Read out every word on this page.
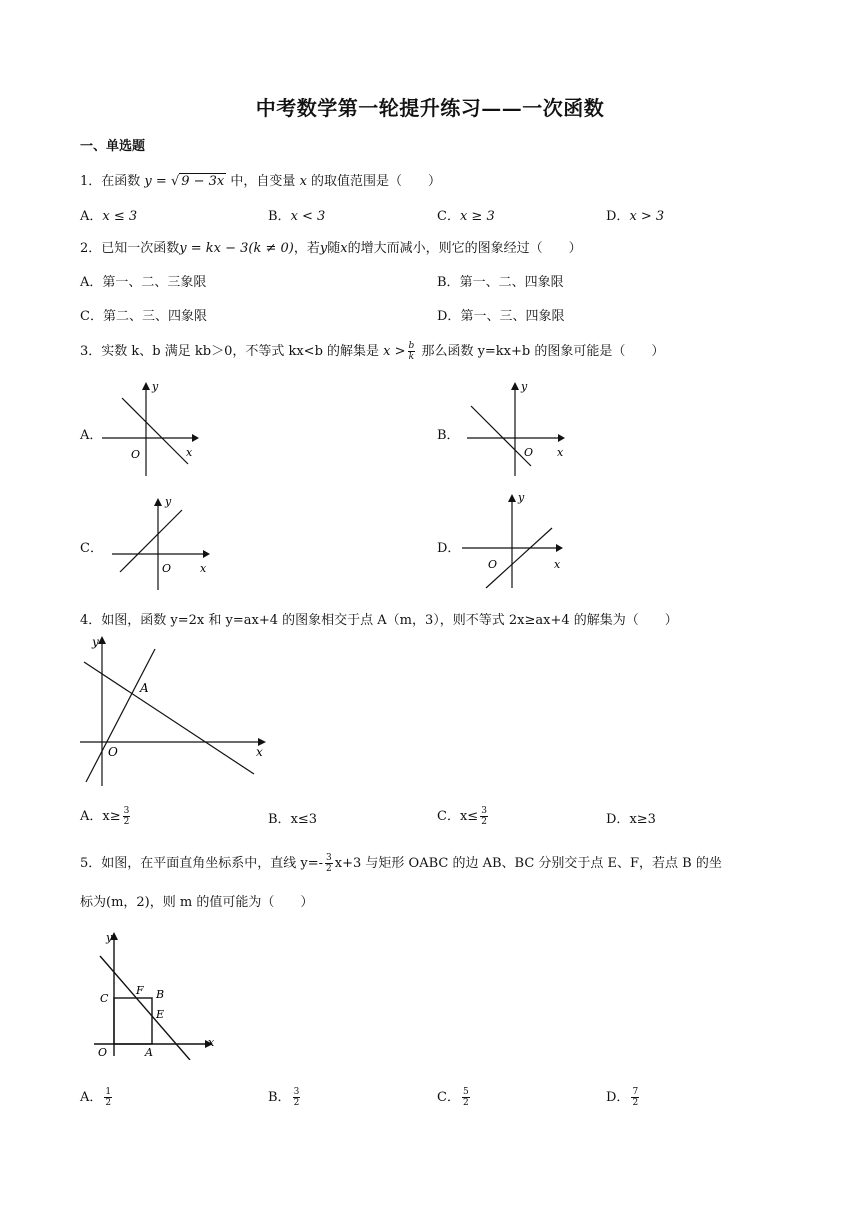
中考数学第一轮提升练习——一次函数
一、单选题
1．在函数 y = √ 9 − 3x 中，自变量 x 的取值范围是（　　）
A．x ≤ 3	B．x < 3	C．x ≥ 3	D．x > 3
2．已知一次函数y = kx − 3(k ≠ 0)，若y随x的增大而减小，则它的图象经过（　　）
A．第一、二、三象限	B．第一、二、四象限
C．第二、三、四象限	D．第一、三、四象限
3．实数 k、b 满足 kb＞0，不等式 kx<b 的解集是 $x > \frac{b}{k}$ 那么函数 y=kx+b 的图象可能是（　　）
A．
y
x
O
B．
y
x
O
C．
y
x
O
D．
y
x
O
4．如图，函数 y=2x 和 y=ax+4 的图象相交于点 A（m，3），则不等式 2x≥ax+4 的解集为（　　）
y
x
O
A
A．$x\ge \frac{3}{2}$	B．x≤3	C．$x\le \frac{3}{2}$	D．x≥3
5．如图，在平面直角坐标系中，直线 $y=- \frac{3}{2} x+3$ 与矩形 OABC 的边 AB、BC 分别交于点 E、F，若点 B 的坐
标为(m，2)，则 m 的值可能为（　　）
y
x
O	A
B
C
E
F
A． $\frac{1}{2}$	B． $\frac{3}{2}$	C． $\frac{5}{2}$	D． $\frac{7}{2}$
